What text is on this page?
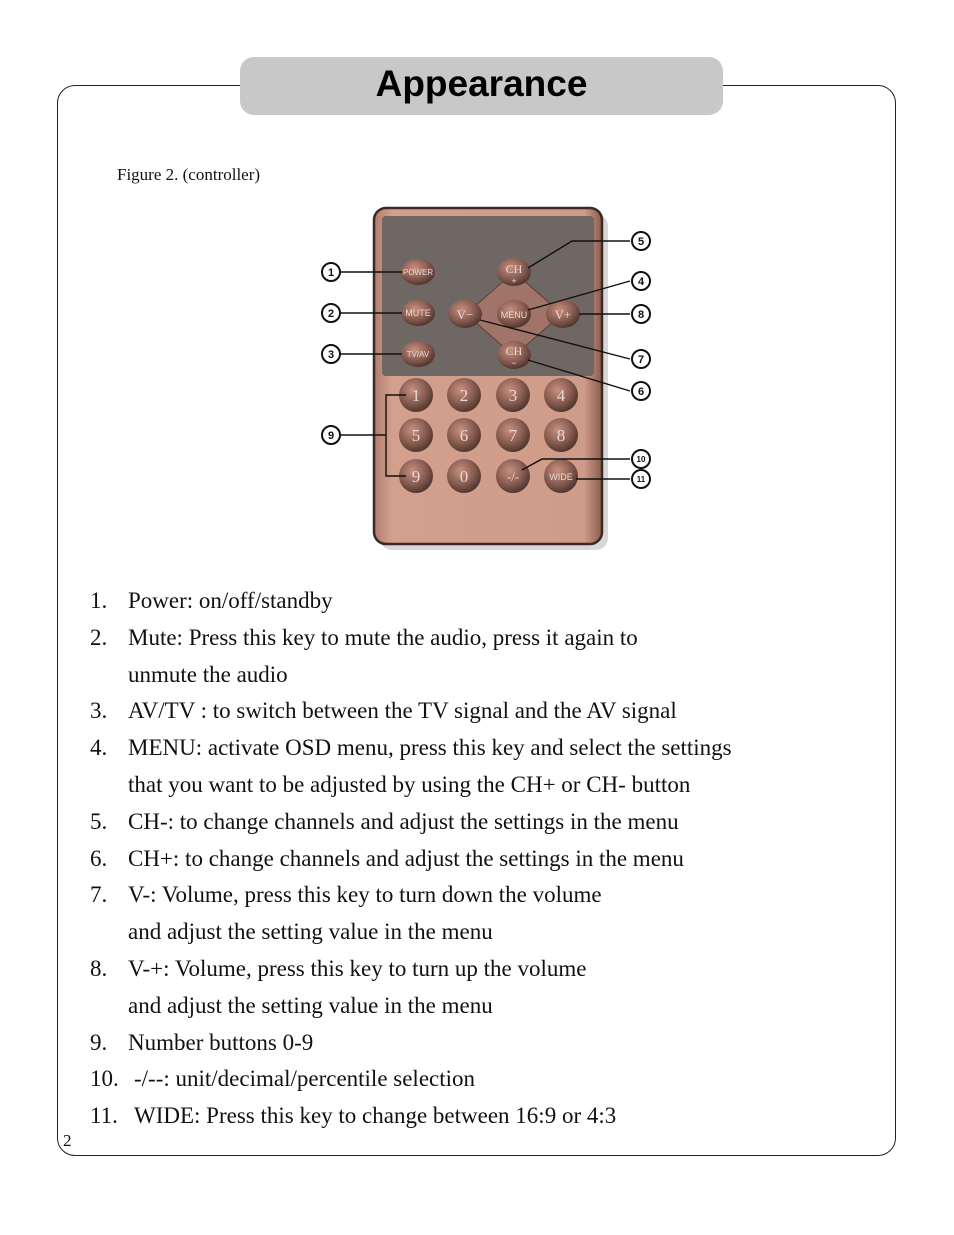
Appearance
Figure 2. (controller)
POWER
MUTE
TV/AV
CH
+
MENU
V−	V+
CH
−
1 2 3 4
5 6 7 8
9 0	-/-	WIDE
1
2
3
4
5
6
7
8
9
10
11
1. Power: on/off/standby
2. Mute: Press this key to mute the audio, press it again to
unmute the audio
3. AV/TV : to switch between the TV signal and the AV signal
4. MENU: activate OSD menu, press this key and select the settings
that you want to be adjusted by using the CH+ or CH- button
5. CH-: to change channels and adjust the settings in the menu
6. CH+: to change channels and adjust the settings in the menu
7. V-: Volume, press this key to turn down the volume
and adjust the setting value in the menu
8. V-+: Volume, press this key to turn up the volume
and adjust the setting value in the menu
9. Number buttons 0-9
10. -/--: unit/decimal/percentile selection
11. WIDE: Press this key to change between 16:9 or 4:3
2
